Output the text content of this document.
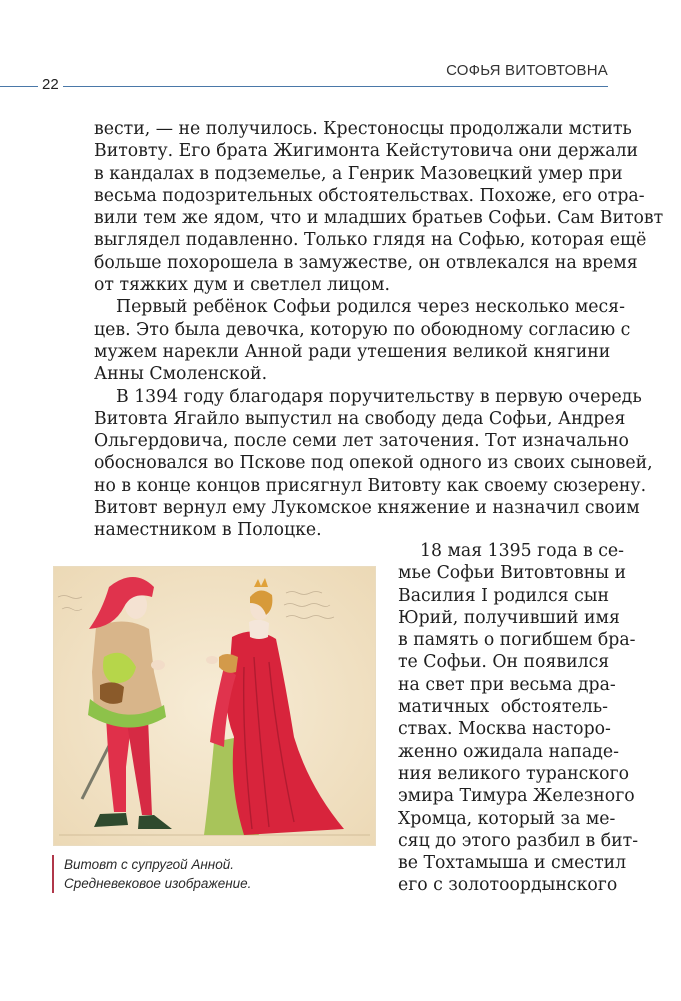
22
СОФЬЯ ВИТОВТОВНА
вести, — не получилось. Крестоносцы продолжали мстить
Витовту. Его брата Жигимонта Кейстутовича они держали
в кандалах в подземелье, а Генрик Мазовецкий умер при
весьма подозрительных обстоятельствах. Похоже, его отра-
вили тем же ядом, что и младших братьев Софьи. Сам Витовт
выглядел подавленно. Только глядя на Софью, которая ещё
больше похорошела в замужестве, он отвлекался на время
от тяжких дум и светлел лицом.
Первый ребёнок Софьи родился через несколько меся-
цев. Это была девочка, которую по обоюдному согласию с
мужем нарекли Анной ради утешения великой княгини
Анны Смоленской.
В 1394 году благодаря поручительству в первую очередь
Витовта Ягайло выпустил на свободу деда Софьи, Андрея
Ольгердовича, после семи лет заточения. Тот изначально
обосновался во Пскове под опекой одного из своих сыновей,
но в конце концов присягнул Витовту как своему сюзерену.
Витовт вернул ему Лукомское княжение и назначил своим
наместником в Полоцке.
Витовт с супругой Анной.
Средневековое изображение.
18 мая 1395 года в се-
мье Софьи Витовтовны и
Василия I родился сын
Юрий, получивший имя
в память о погибшем бра-
те Софьи. Он появился
на свет при весьма дра-
матичных обстоятель-
ствах. Москва насторо-
женно ожидала нападе-
ния великого туранского
эмира Тимура Железного
Хромца, который за ме-
сяц до этого разбил в бит-
ве Тохтамыша и сместил
его с золотоордынского
